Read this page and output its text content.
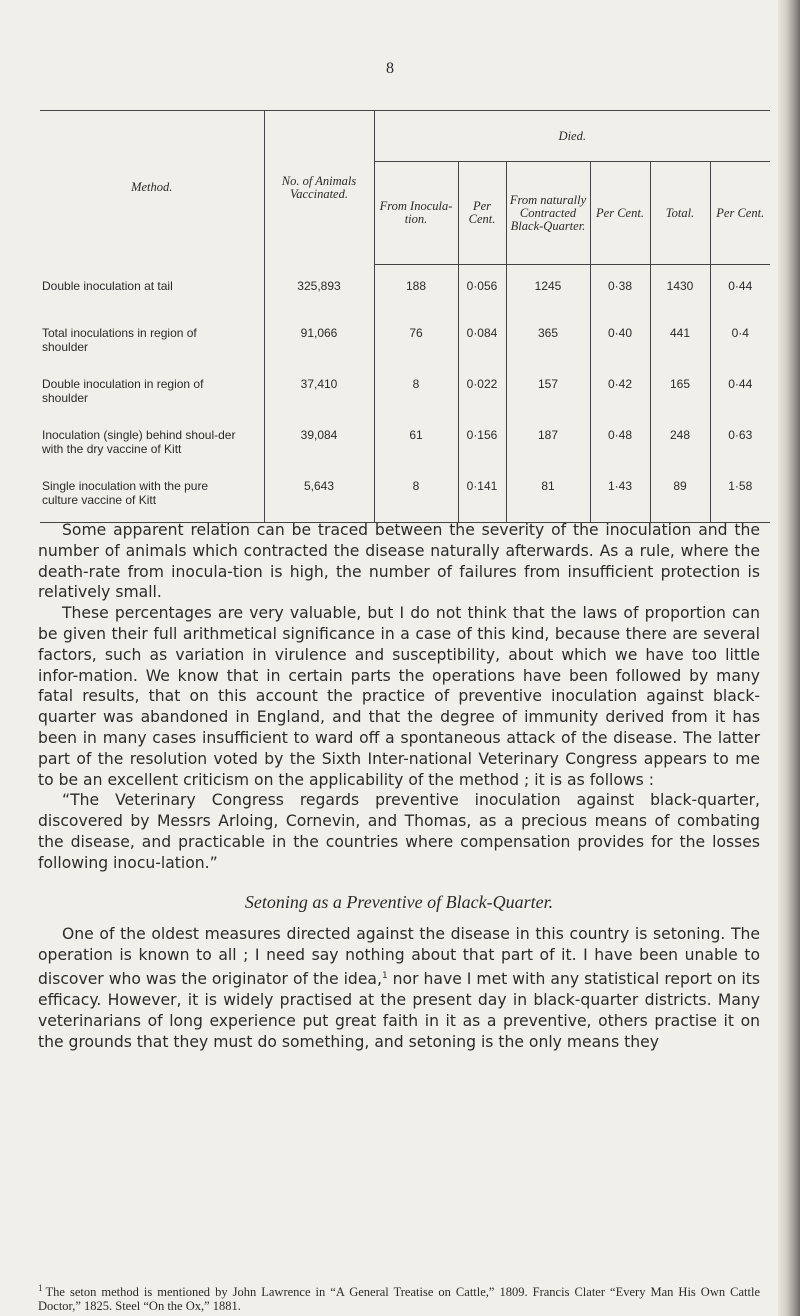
8
Method.	No. of Animals Vaccinated.	Died.					
		From Inocula-tion.	Per Cent.	From naturally Contracted Black-Quarter.	Per Cent.	Total.	Per Cent.
Double inoculation at tail	325,893	188	0·056	1245	0·38	1430	0·44
Total inoculations in region of shoulder	91,066	76	0·084	365	0·40	441	0·4
Double inoculation in region of shoulder	37,410	8	0·022	157	0·42	165	0·44
Inoculation (single) behind shoul-der with the dry vaccine of Kitt	39,084	61	0·156	187	0·48	248	0·63
Single inoculation with the pure culture vaccine of Kitt	5,643	8	0·141	81	1·43	89	1·58

Some apparent relation can be traced between the severity of the inoculation and the number of animals which contracted the disease naturally afterwards. As a rule, where the death-rate from inocula-tion is high, the number of failures from insufficient protection is relatively small.

These percentages are very valuable, but I do not think that the laws of proportion can be given their full arithmetical significance in a case of this kind, because there are several factors, such as variation in virulence and susceptibility, about which we have too little infor-mation. We know that in certain parts the operations have been followed by many fatal results, that on this account the practice of preventive inoculation against black-quarter was abandoned in England, and that the degree of immunity derived from it has been in many cases insufficient to ward off a spontaneous attack of the disease. The latter part of the resolution voted by the Sixth Inter-national Veterinary Congress appears to me to be an excellent criticism on the applicability of the method ; it is as follows :

“The Veterinary Congress regards preventive inoculation against black-quarter, discovered by Messrs Arloing, Cornevin, and Thomas, as a precious means of combating the disease, and practicable in the countries where compensation provides for the losses following inocu-lation.”

Setoning as a Preventive of Black-Quarter.

One of the oldest measures directed against the disease in this country is setoning. The operation is known to all ; I need say nothing about that part of it. I have been unable to discover who was the originator of the idea,$^1$ nor have I met with any statistical report on its efficacy. However, it is widely practised at the present day in black-quarter districts. Many veterinarians of long experience put great faith in it as a preventive, others practise it on the grounds that they must do something, and setoning is the only means they

$^1$ The seton method is mentioned by John Lawrence in “A General Treatise on Cattle,” 1809. Francis Clater “Every Man His Own Cattle Doctor,” 1825. Steel “On the Ox,” 1881.
